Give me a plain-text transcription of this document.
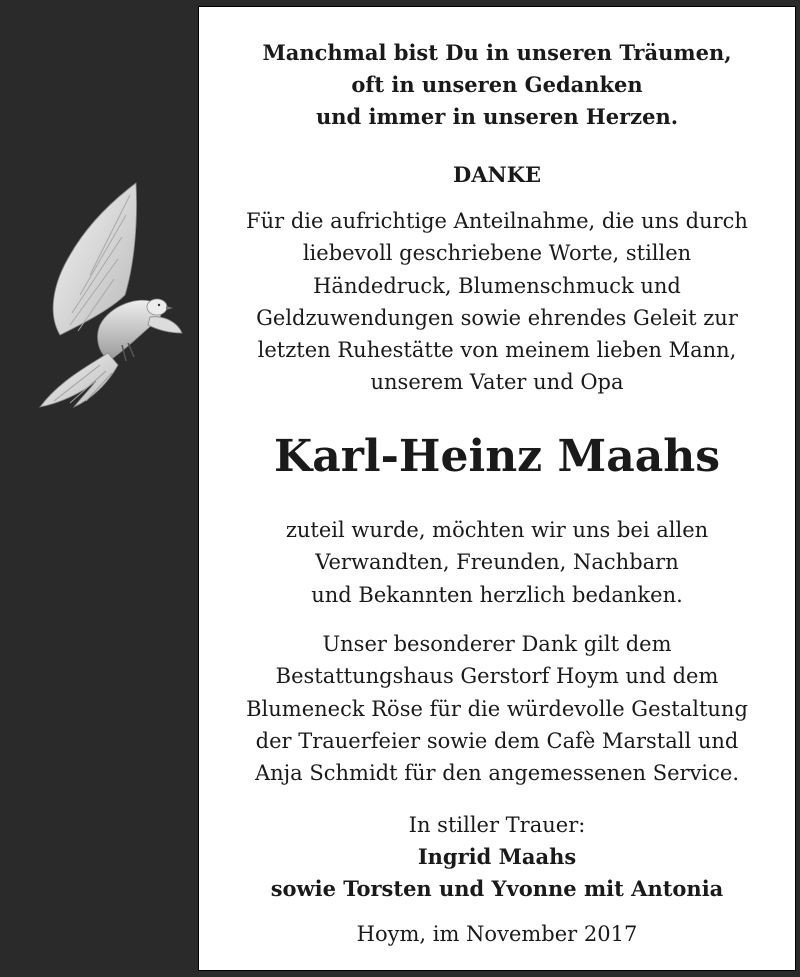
Manchmal bist Du in unseren Träumen,
oft in unseren Gedanken
und immer in unseren Herzen.
DANKE
Für die aufrichtige Anteilnahme, die uns durch
liebevoll geschriebene Worte, stillen
Händedruck, Blumenschmuck und
Geldzuwendungen sowie ehrendes Geleit zur
letzten Ruhestätte von meinem lieben Mann,
unserem Vater und Opa
Karl-Heinz Maahs
zuteil wurde, möchten wir uns bei allen
Verwandten, Freunden, Nachbarn
und Bekannten herzlich bedanken.
Unser besonderer Dank gilt dem
Bestattungshaus Gerstorf Hoym und dem
Blumeneck Röse für die würdevolle Gestaltung
der Trauerfeier sowie dem Cafè Marstall und
Anja Schmidt für den angemessenen Service.
In stiller Trauer:
Ingrid Maahs
sowie Torsten und Yvonne mit Antonia
Hoym, im November 2017
